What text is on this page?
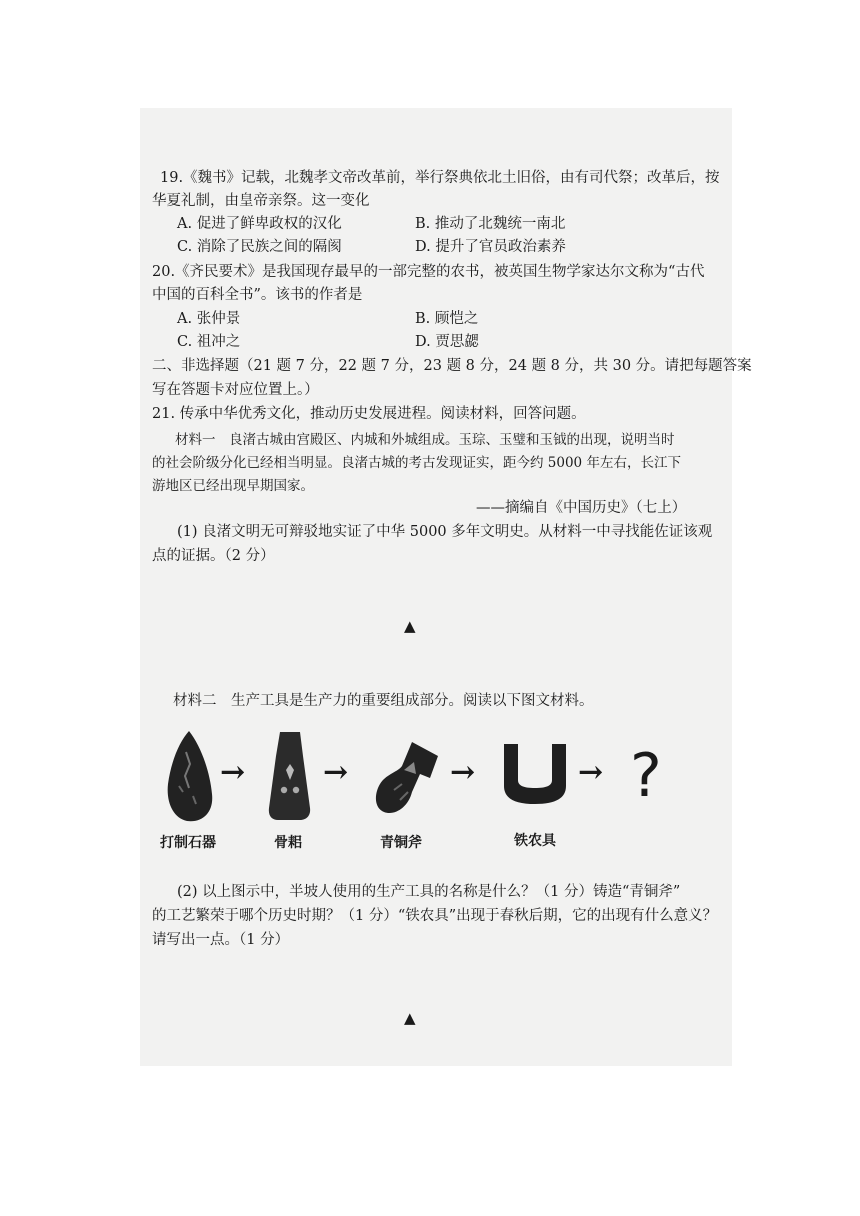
19.《魏书》记载，北魏孝文帝改革前，举行祭典依北土旧俗，由有司代祭；改革后，按
华夏礼制，由皇帝亲祭。这一变化
A. 促进了鲜卑政权的汉化	B. 推动了北魏统一南北
C. 消除了民族之间的隔阂	D. 提升了官员政治素养
20.《齐民要术》是我国现存最早的一部完整的农书，被英国生物学家达尔文称为“古代
中国的百科全书”。该书的作者是
A. 张仲景	B. 顾恺之
C. 祖冲之	D. 贾思勰
二、非选择题（21 题 7 分，22 题 7 分，23 题 8 分，24 题 8 分，共 30 分。请把每题答案
写在答题卡对应位置上。）
21. 传承中华优秀文化，推动历史发展进程。阅读材料，回答问题。
材料一　良渚古城由宫殿区、内城和外城组成。玉琮、玉璧和玉钺的出现，说明当时
的社会阶级分化已经相当明显。良渚古城的考古发现证实，距今约 5000 年左右，长江下
游地区已经出现早期国家。
——摘编自《中国历史》（七上）
(1) 良渚文明无可辩驳地实证了中华 5000 多年文明史。从材料一中寻找能佐证该观
点的证据。（2 分）
▲
材料二　生产工具是生产力的重要组成部分。阅读以下图文材料。
→	→	→	→ ?
打制石器	骨耜	青铜斧	铁农具
(2) 以上图示中，半坡人使用的生产工具的名称是什么？（1 分）铸造“青铜斧”
的工艺繁荣于哪个历史时期？（1 分）“铁农具”出现于春秋后期，它的出现有什么意义？
请写出一点。（1 分）
▲
